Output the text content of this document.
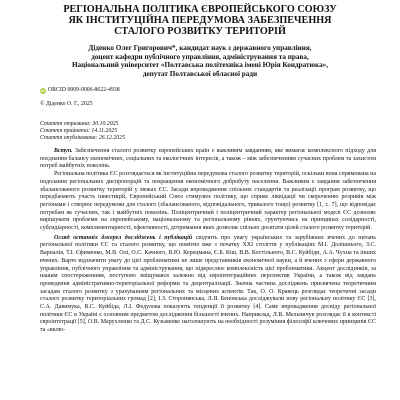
РЕГІОНАЛЬНА ПОЛІТИКА ЄВРОПЕЙСЬКОГО СОЮЗУ
ЯК ІНСТИТУЦІЙНА ПЕРЕДУМОВА ЗАБЕЗПЕЧЕННЯ
СТАЛОГО РОЗВИТКУ ТЕРИТОРІЙ
Діденко Олег Григорович*, кандидат наук з державного управління,
доцент кафедри публічного управління, адміністрування та права,
Національний університет «Полтавська політехніка імені Юрія Кондратюка»,
депутат Полтавської обласної ради
iD ORCID 0009-0006-8622-4938
© Діденко О. Г., 2025
Стаття отримана: 30.10.2025
Стаття прийнята: 14.11.2025
Стаття опублікована: 26.12.2025

Вступ. Забезпечення сталого розвитку європейських країн є важливим завданням, яке вимагає комплексного підходу для поєднання балансу економічних, соціальних та екологічних інтересів, а також – між забезпеченням сучасних проблем та захистом потреб майбутніх поколінь.

Регіональна політика ЄС розглядається як інституційна передумова сталого розвитку територій, оскільки вона спрямована на подолання регіональних диспропорцій та покращення економічного добробуту населення. Важливим є завдання забезпечення збалансованого розвитку територій у межах ЄС. Засади впровадження спільних стандартів та реалізації програм розвитку, що передбачають участь інвестицій, Європейський Союз стимулює політику, що сприяє ліквідації чи скороченню розривів між регіонами і створює передумови для сталого (збалансованого, відповідального, тривалого тощо) розвитку [1, с. 7], що відповідає потребам як сучасних, так і майбутніх поколінь. Поліцентричний і поліцентричний характер регіональної моделі ЄС дозволяє вирішувати проблеми на європейському, національному та регіональному рівнях, грунтуючись на принципах солідарності, субсидіарності, комплементарності, ефективності, дотримання яких дозволяє спільно досягати цілей сталого розвитку територій.

Огляд останніх джерел досліджень і публікацій свідчить про увагу українських та зарубіжних вчених до питань регіональної політики ЄС та сталого розвитку, що помітно вже з початку XXI століття у публікаціях М.І. Долішнього, З.С. Варналія, Т.І. Єфименко, М.В. Олі, О.С. Качного, В.Ю. Керецмана, Є.Б. Кіш, В.В. Костільного, В.С. Куйбіди, А.А. Чухна та інших вчених. Варто відзначити увагу до цієї проблематики не лише представників економічної науки, а й вчених з сфери державного управління, публічного управління та адміністрування, що підкреслює комплексність цієї проблематики. Акцент дослідників, за нашим спостереженням, поступово зміщувався залежно від євроінтеграційних перспектив України, а також від завдань проведення адміністративно-територіальної реформи та децентралізації. Значна частина досліджень присвячена теоретичним засадам сталого розвитку з урахуванням регіональних та місцевих аспектів. Так, О. О. Кравець розглядає теоретичні засади сталого розвитку територіальних громад [2], І.З. Сторонянська, Л.Я. Беновська досліджували нову регіональну політику ЄС [3], С.А. Давимука, В.С. Куйбіда, Л.І. Федулова показують тенденції її розвитку [4]. Саме впровадження досвіду регіональної політики ЄС в Україні є основним предметом дослідження більшості вчених. Наприклад, Л.В. Мельничук розглядає її в контексті євроінтеграції [5], О.В. Марухленко та Д.С. Кузьменко наголошують на необхідності розуміння філософії ключових принципів ЄС та «вклю-
